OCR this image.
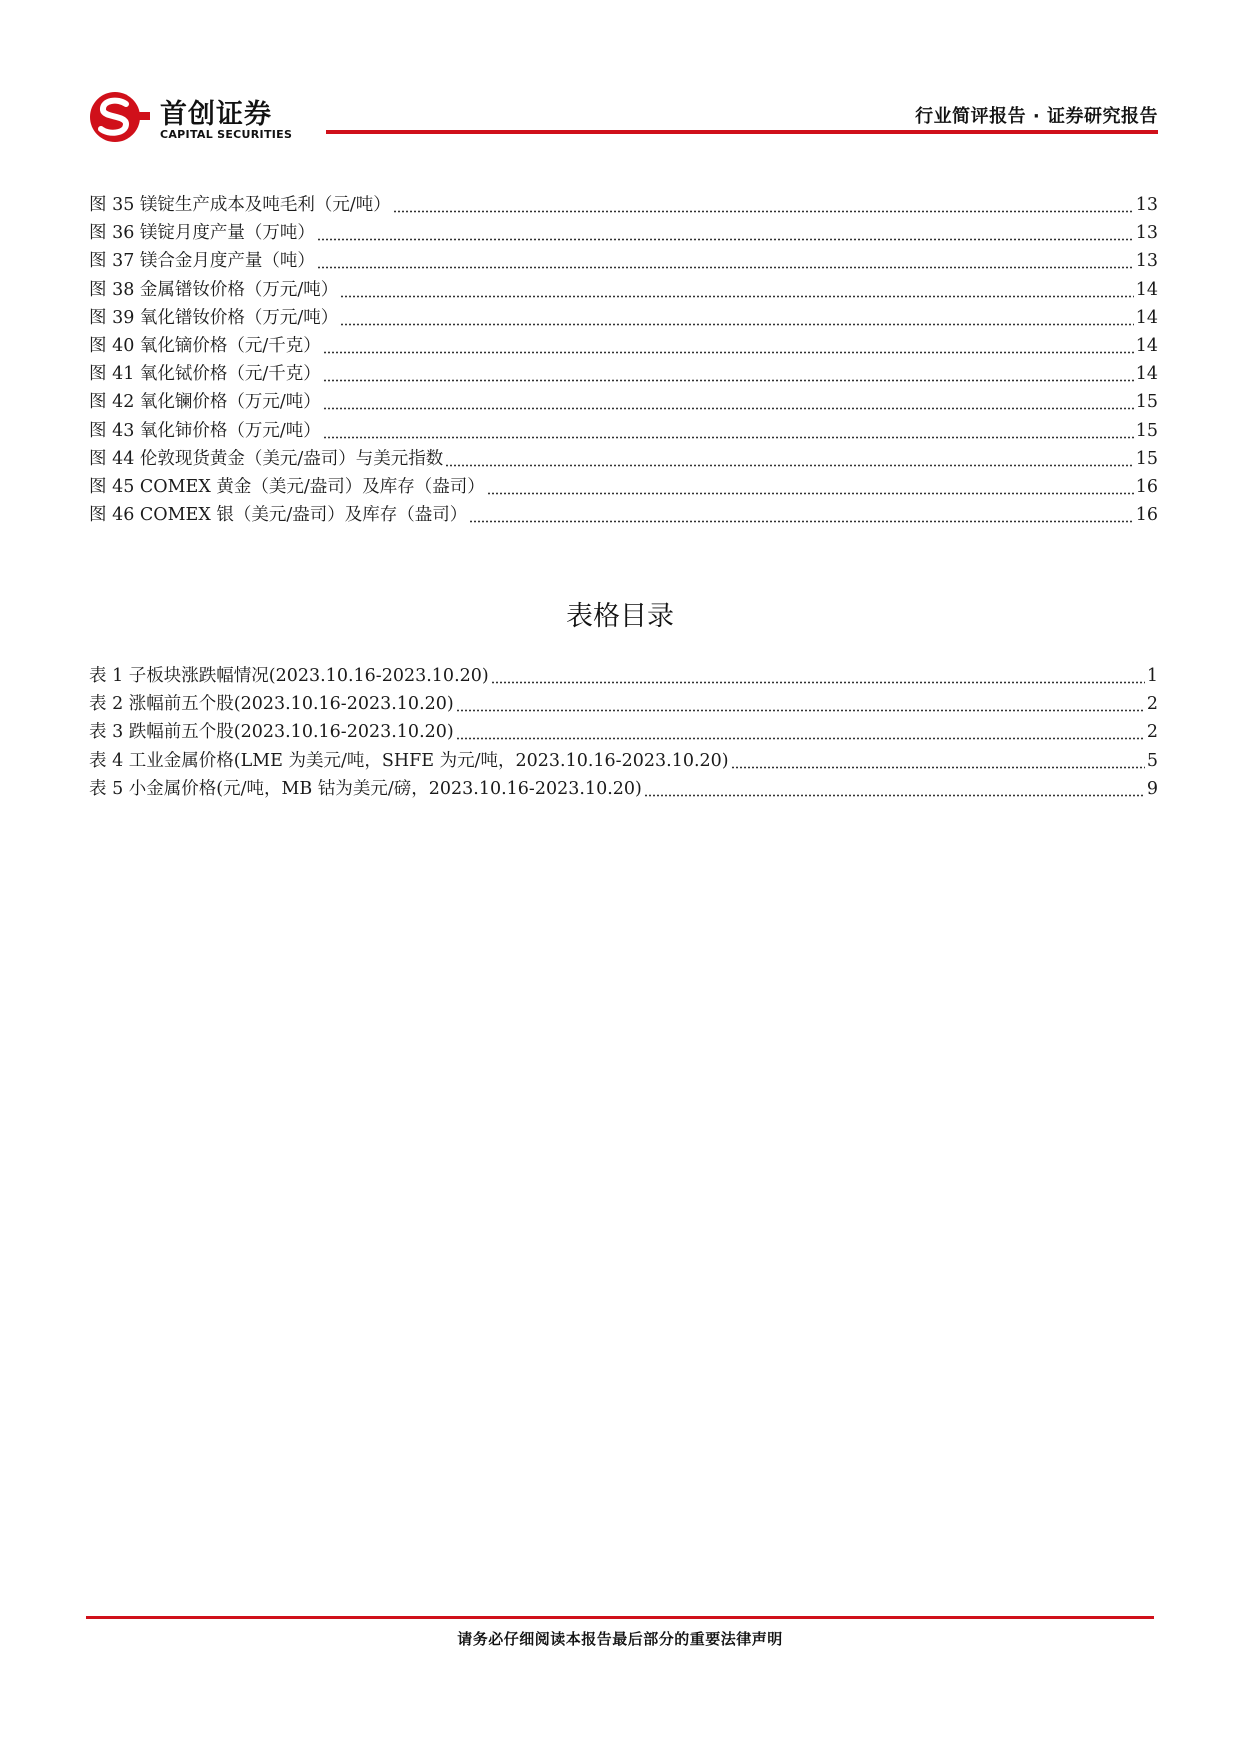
首创证券
CAPITAL SECURITIES
行业简评报告 · 证券研究报告
图 35 镁锭生产成本及吨毛利（元/吨）	13
图 36 镁锭月度产量（万吨）	13
图 37 镁合金月度产量（吨）	13
图 38 金属镨钕价格（万元/吨）	14
图 39 氧化镨钕价格（万元/吨）	14
图 40 氧化镝价格（元/千克）	14
图 41 氧化铽价格（元/千克）	14
图 42 氧化镧价格（万元/吨）	15
图 43 氧化铈价格（万元/吨）	15
图 44 伦敦现货黄金（美元/盎司）与美元指数	15
图 45 COMEX 黄金（美元/盎司）及库存（盎司）	16
图 46 COMEX 银（美元/盎司）及库存（盎司）	16
表格目录
表 1 子板块涨跌幅情况(2023.10.16-2023.10.20)	1
表 2 涨幅前五个股(2023.10.16-2023.10.20)	2
表 3 跌幅前五个股(2023.10.16-2023.10.20)	2
表 4 工业金属价格(LME 为美元/吨，SHFE 为元/吨，2023.10.16-2023.10.20)	5
表 5 小金属价格(元/吨，MB 钴为美元/磅，2023.10.16-2023.10.20)	9
请务必仔细阅读本报告最后部分的重要法律声明
